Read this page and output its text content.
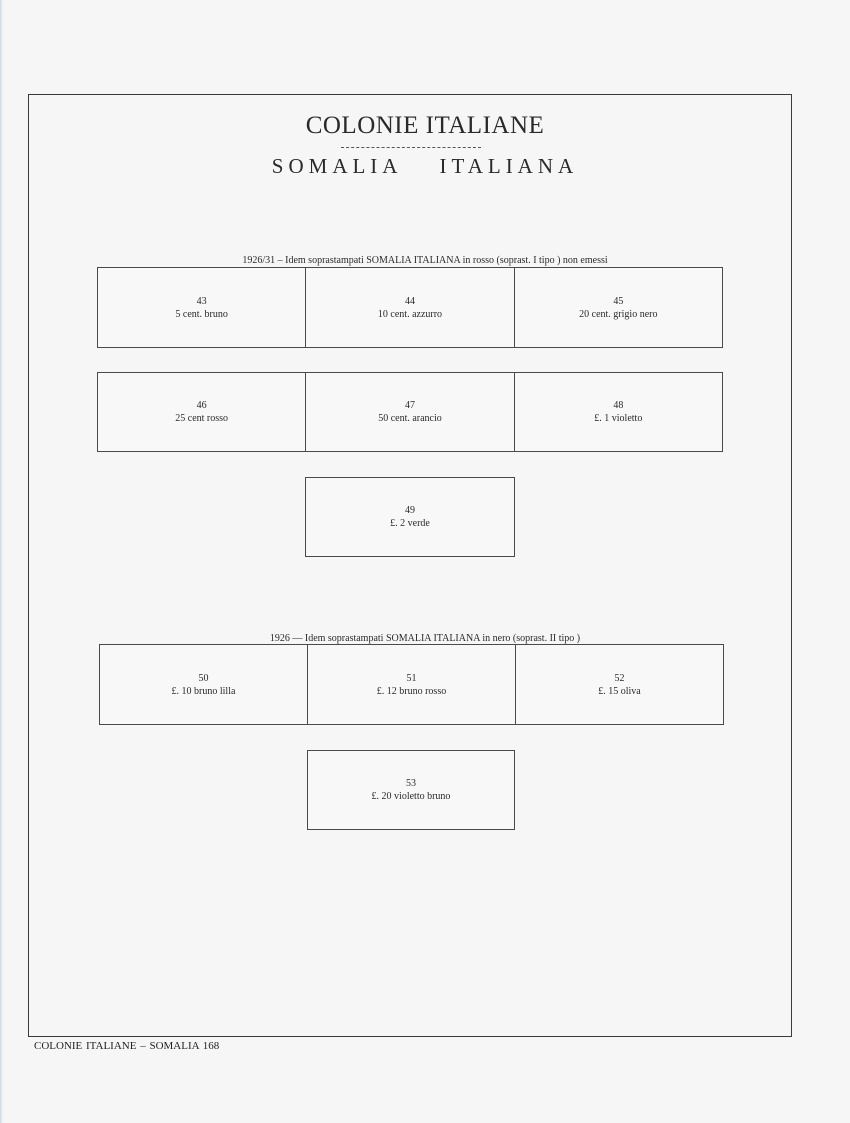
COLONIE ITALIANE
SOMALIA ITALIANA
1926/31 – Idem soprastampati SOMALIA ITALIANA in rosso (soprast. I tipo ) non emessi
43
5 cent. bruno
44
10 cent. azzurro
45
20 cent. grigio nero
46
25 cent rosso
47
50 cent. arancio
48
£. 1 violetto
49
£. 2 verde
1926 — Idem soprastampati SOMALIA ITALIANA in nero (soprast. II tipo )
50
£. 10 bruno lilla
51
£. 12 bruno rosso
52
£. 15 oliva
53
£. 20 violetto bruno
COLONIE ITALIANE – SOMALIA 168
